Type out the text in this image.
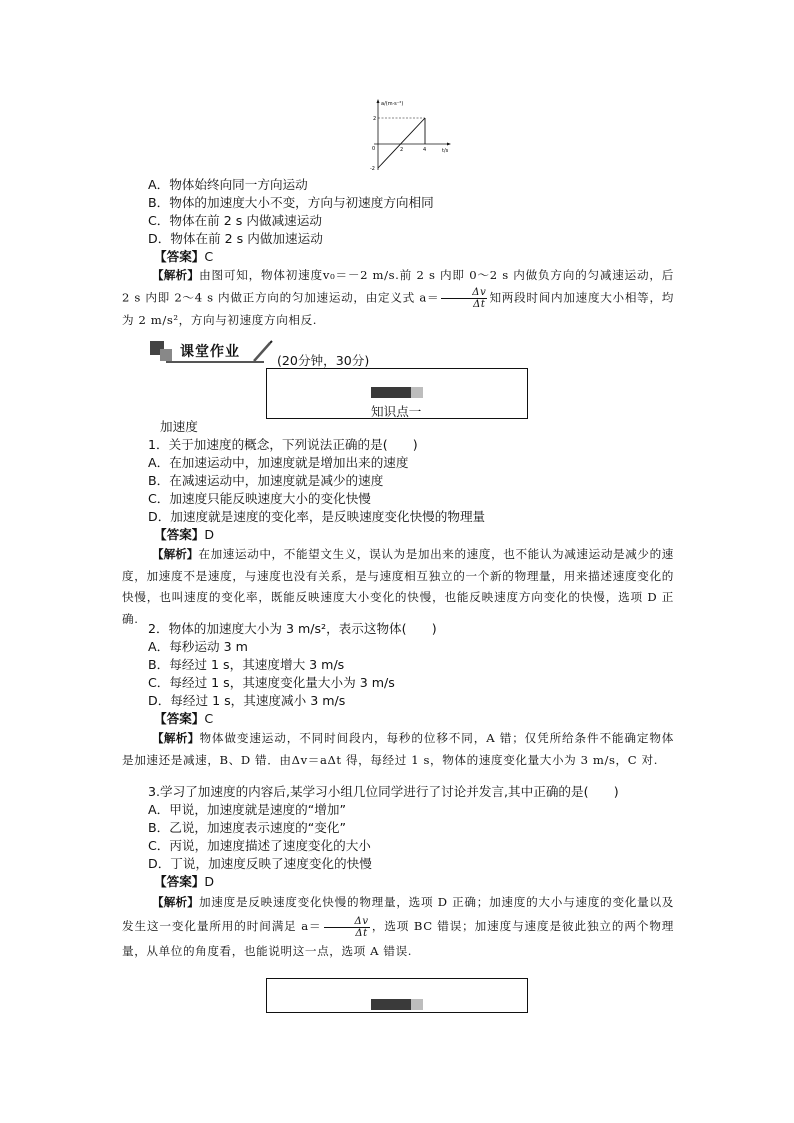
a/(m·s⁻²)
t/s
0
2
-2
2	4
A．物体始终向同一方向运动
B．物体的加速度大小不变，方向与初速度方向相同
C．物体在前 2 s 内做减速运动
D．物体在前 2 s 内做加速运动
【答案】C
【解析】由图可知，物体初速度v₀＝－2 m/s.前 2 s 内即 0～2 s 内做负方向的匀减速运动，后 2 s 内即 2～4 s 内做正方向的匀加速运动，由定义式 $a= \frac{\Delta v}{\Delta t}$ 知两段时间内加速度大小相等，均为 2 m/s²，方向与初速度方向相反.
课堂作业
(20分钟，30分)
知识点一
加速度
1．关于加速度的概念，下列说法正确的是(　　)
A．在加速运动中，加速度就是增加出来的速度
B．在减速运动中，加速度就是减少的速度
C．加速度只能反映速度大小的变化快慢
D．加速度就是速度的变化率，是反映速度变化快慢的物理量
【答案】D
【解析】在加速运动中，不能望文生义，误认为是加出来的速度，也不能认为减速运动是减少的速度，加速度不是速度，与速度也没有关系，是与速度相互独立的一个新的物理量，用来描述速度变化的快慢，也叫速度的变化率，既能反映速度大小变化的快慢，也能反映速度方向变化的快慢，选项 D 正确.
2．物体的加速度大小为 3 m/s²，表示这物体(　　)
A．每秒运动 3 m
B．每经过 1 s，其速度增大 3 m/s
C．每经过 1 s，其速度变化量大小为 3 m/s
D．每经过 1 s，其速度减小 3 m/s
【答案】C
【解析】物体做变速运动，不同时间段内，每秒的位移不同，A 错；仅凭所给条件不能确定物体是加速还是减速，B、D 错．由Δv＝aΔt 得，每经过 1 s，物体的速度变化量大小为 3 m/s，C 对.
3.学习了加速度的内容后,某学习小组几位同学进行了讨论并发言,其中正确的是(　　)
A．甲说，加速度就是速度的“增加”
B．乙说，加速度表示速度的“变化”
C．丙说，加速度描述了速度变化的大小
D．丁说，加速度反映了速度变化的快慢
【答案】D
【解析】加速度是反映速度变化快慢的物理量，选项 D 正确；加速度的大小与速度的变化量以及发生这一变化量所用的时间满足 $a= \frac{\Delta v}{\Delta t}$ ，选项 BC 错误；加速度与速度是彼此独立的两个物理量，从单位的角度看，也能说明这一点，选项 A 错误.
